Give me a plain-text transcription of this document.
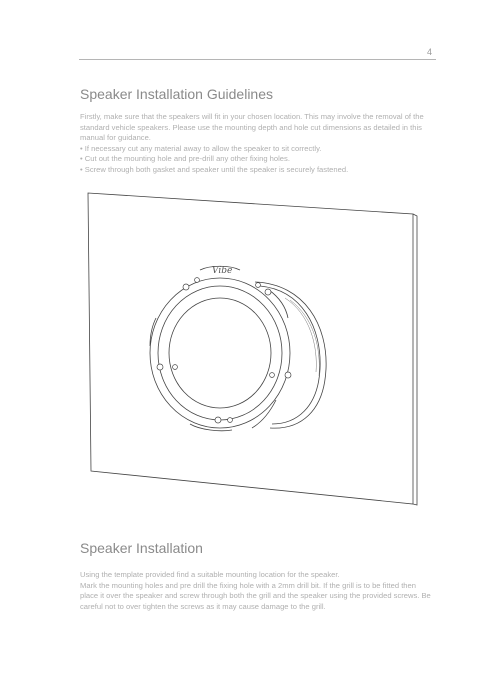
4
Speaker Installation Guidelines

Firstly, make sure that the speakers will fit in your chosen location. This may involve the removal of the standard vehicle speakers. Please use the mounting depth and hole cut dimensions as detailed in this manual for guidance.

• If necessary cut any material away to allow the speaker to sit correctly.
• Cut out the mounting hole and pre-drill any other fixing holes.
• Screw through both gasket and speaker until the speaker is securely fastened.
Vibe
Speaker Installation

Using the template provided find a suitable mounting location for the speaker.

Mark the mounting holes and pre drill the fixing hole with a 2mm drill bit. If the grill is to be fitted then place it over the speaker and screw through both the grill and the speaker using the provided screws. Be careful not to over tighten the screws as it may cause damage to the grill.
